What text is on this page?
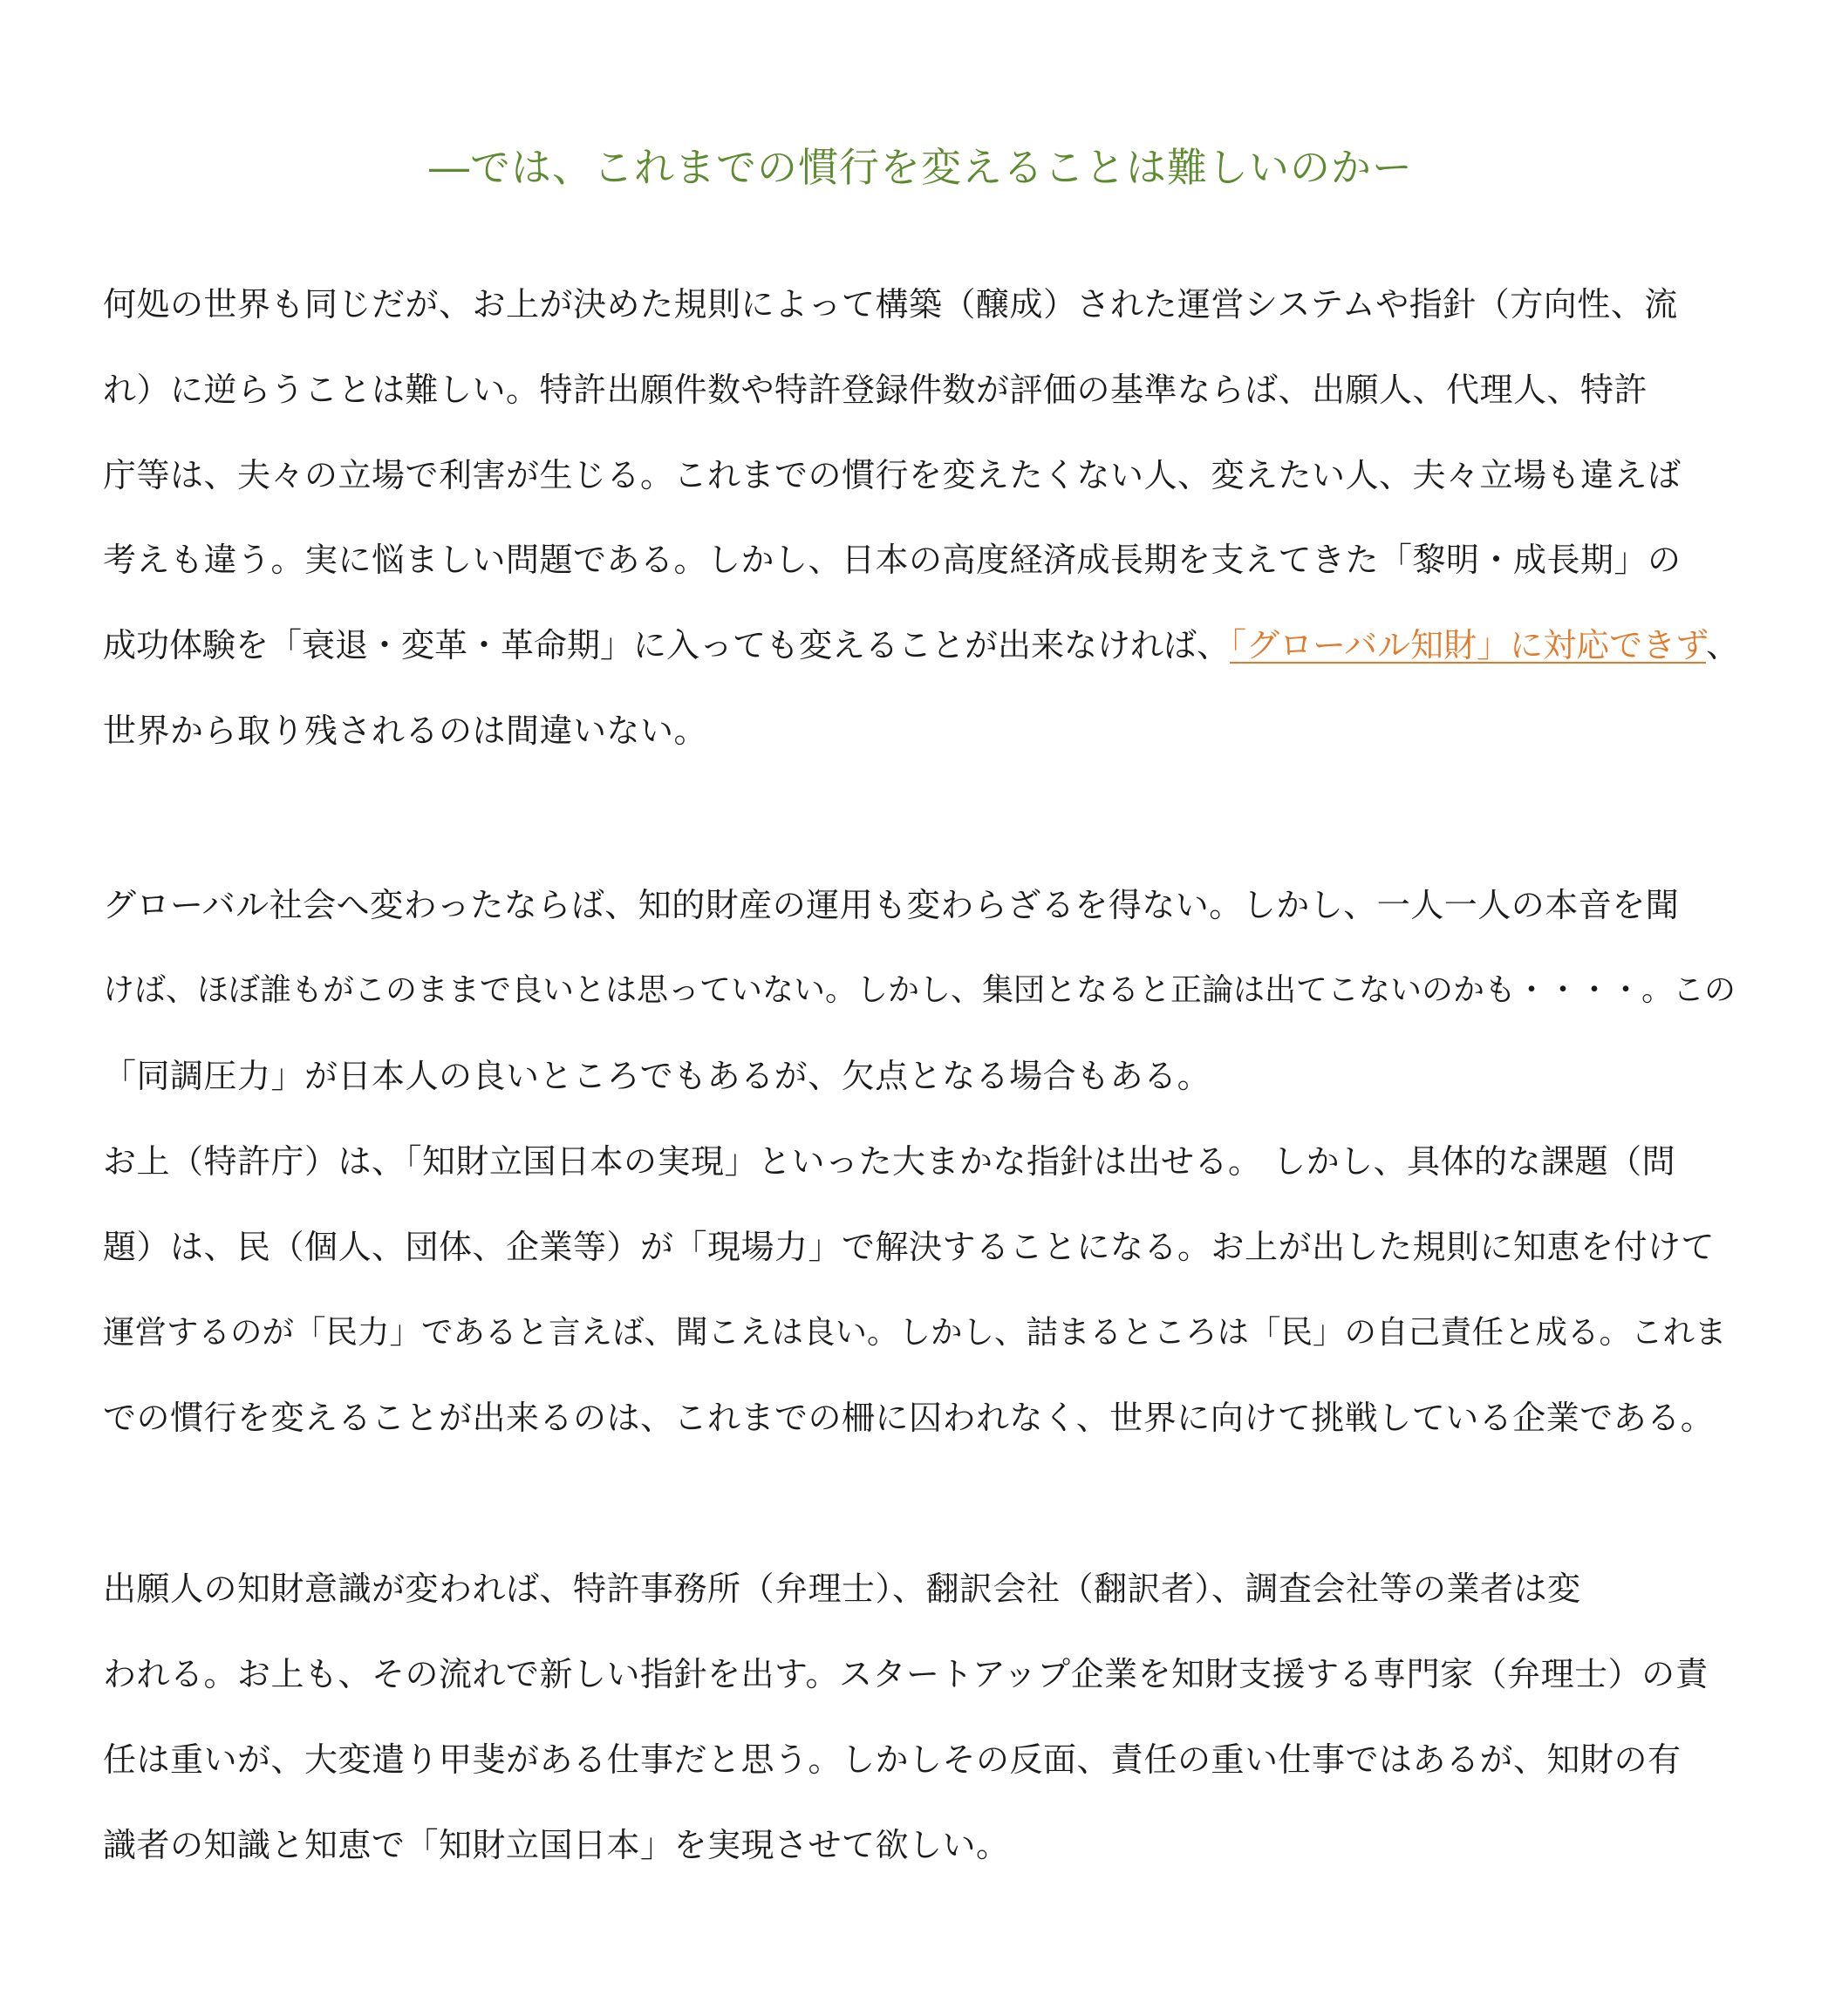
―では、これまでの慣行を変えることは難しいのかー
何処の世界も同じだが、お上が決めた規則によって構築（醸成）された運営システムや指針（方向性、流
れ）に逆らうことは難しい。特許出願件数や特許登録件数が評価の基準ならば、出願人、代理人、特許
庁等は、夫々の立場で利害が生じる。これまでの慣行を変えたくない人、変えたい人、夫々立場も違えば
考えも違う。実に悩ましい問題である。しかし、日本の高度経済成長期を支えてきた「黎明・成長期」の
成功体験を「衰退・変革・革命期」に入っても変えることが出来なければ、「グローバル知財」に対応できず、
世界から取り残されるのは間違いない。
グローバル社会へ変わったならば、知的財産の運用も変わらざるを得ない。しかし、一人一人の本音を聞
けば、ほぼ誰もがこのままで良いとは思っていない。しかし、集団となると正論は出てこないのかも・・・・。この
「同調圧力」が日本人の良いところでもあるが、欠点となる場合もある。
お上（特許庁）は、「知財立国日本の実現」といった大まかな指針は出せる。 しかし、具体的な課題（問
題）は、民（個人、団体、企業等）が「現場力」で解決することになる。お上が出した規則に知恵を付けて
運営するのが「民力」であると言えば、聞こえは良い。しかし、詰まるところは「民」の自己責任と成る。これま
での慣行を変えることが出来るのは、これまでの柵に囚われなく、世界に向けて挑戦している企業である。
出願人の知財意識が変われば、特許事務所（弁理士）、翻訳会社（翻訳者）、調査会社等の業者は変
われる。お上も、その流れで新しい指針を出す。スタートアップ企業を知財支援する専門家（弁理士）の責
任は重いが、大変遣り甲斐がある仕事だと思う。しかしその反面、責任の重い仕事ではあるが、知財の有
識者の知識と知恵で「知財立国日本」を実現させて欲しい。
